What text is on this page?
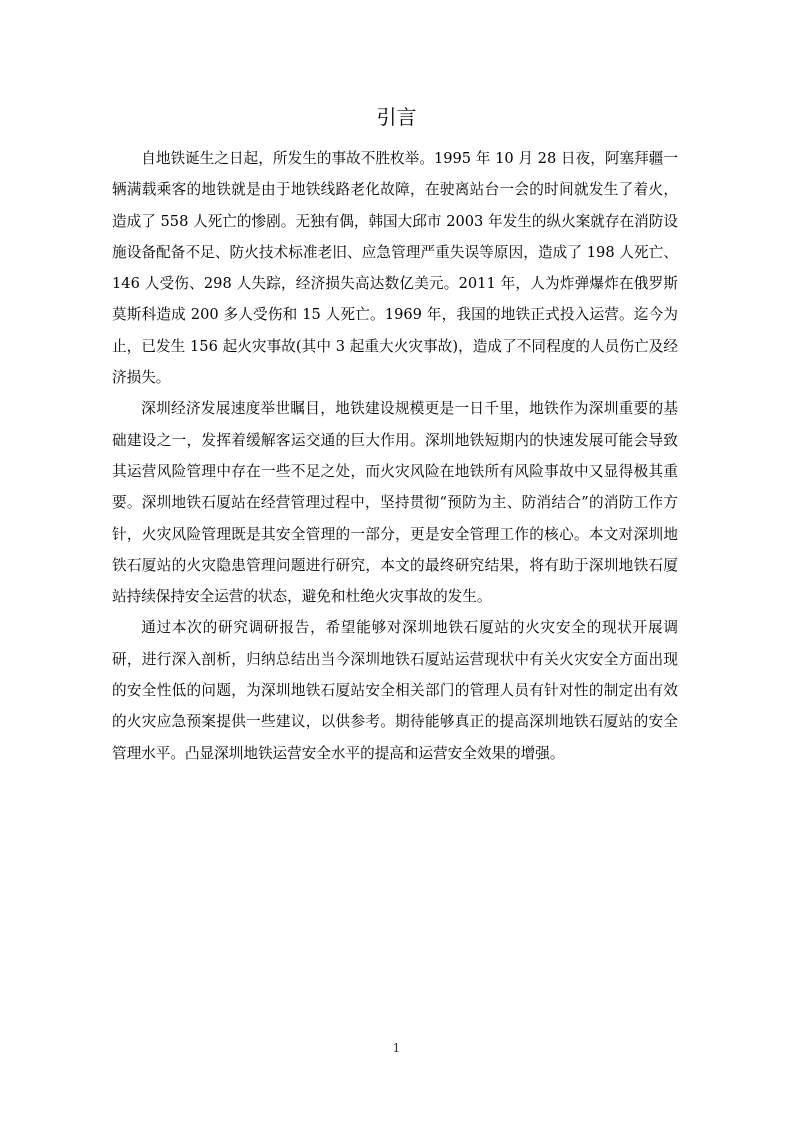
引言

自地铁诞生之日起，所发生的事故不胜枚举。1995 年 10 月 28 日夜，阿塞拜疆一辆满载乘客的地铁就是由于地铁线路老化故障，在驶离站台一会的时间就发生了着火，造成了 558 人死亡的惨剧。无独有偶，韩国大邱市 2003 年发生的纵火案就存在消防设施设备配备不足、防火技术标准老旧、应急管理严重失误等原因，造成了 198 人死亡、146 人受伤、298 人失踪，经济损失高达数亿美元。2011 年，人为炸弹爆炸在俄罗斯莫斯科造成 200 多人受伤和 15 人死亡。1969 年，我国的地铁正式投入运营。迄今为止，已发生 156 起火灾事故(其中 3 起重大火灾事故)，造成了不同程度的人员伤亡及经济损失。

深圳经济发展速度举世瞩目，地铁建设规模更是一日千里，地铁作为深圳重要的基础建设之一，发挥着缓解客运交通的巨大作用。深圳地铁短期内的快速发展可能会导致其运营风险管理中存在一些不足之处，而火灾风险在地铁所有风险事故中又显得极其重要。深圳地铁石厦站在经营管理过程中，坚持贯彻“预防为主、防消结合”的消防工作方针，火灾风险管理既是其安全管理的一部分，更是安全管理工作的核心。本文对深圳地铁石厦站的火灾隐患管理问题进行研究，本文的最终研究结果，将有助于深圳地铁石厦站持续保持安全运营的状态，避免和杜绝火灾事故的发生。

通过本次的研究调研报告，希望能够对深圳地铁石厦站的火灾安全的现状开展调研，进行深入剖析，归纳总结出当今深圳地铁石厦站运营现状中有关火灾安全方面出现的安全性低的问题，为深圳地铁石厦站安全相关部门的管理人员有针对性的制定出有效的火灾应急预案提供一些建议，以供参考。期待能够真正的提高深圳地铁石厦站的安全管理水平。凸显深圳地铁运营安全水平的提高和运营安全效果的增强。

1
